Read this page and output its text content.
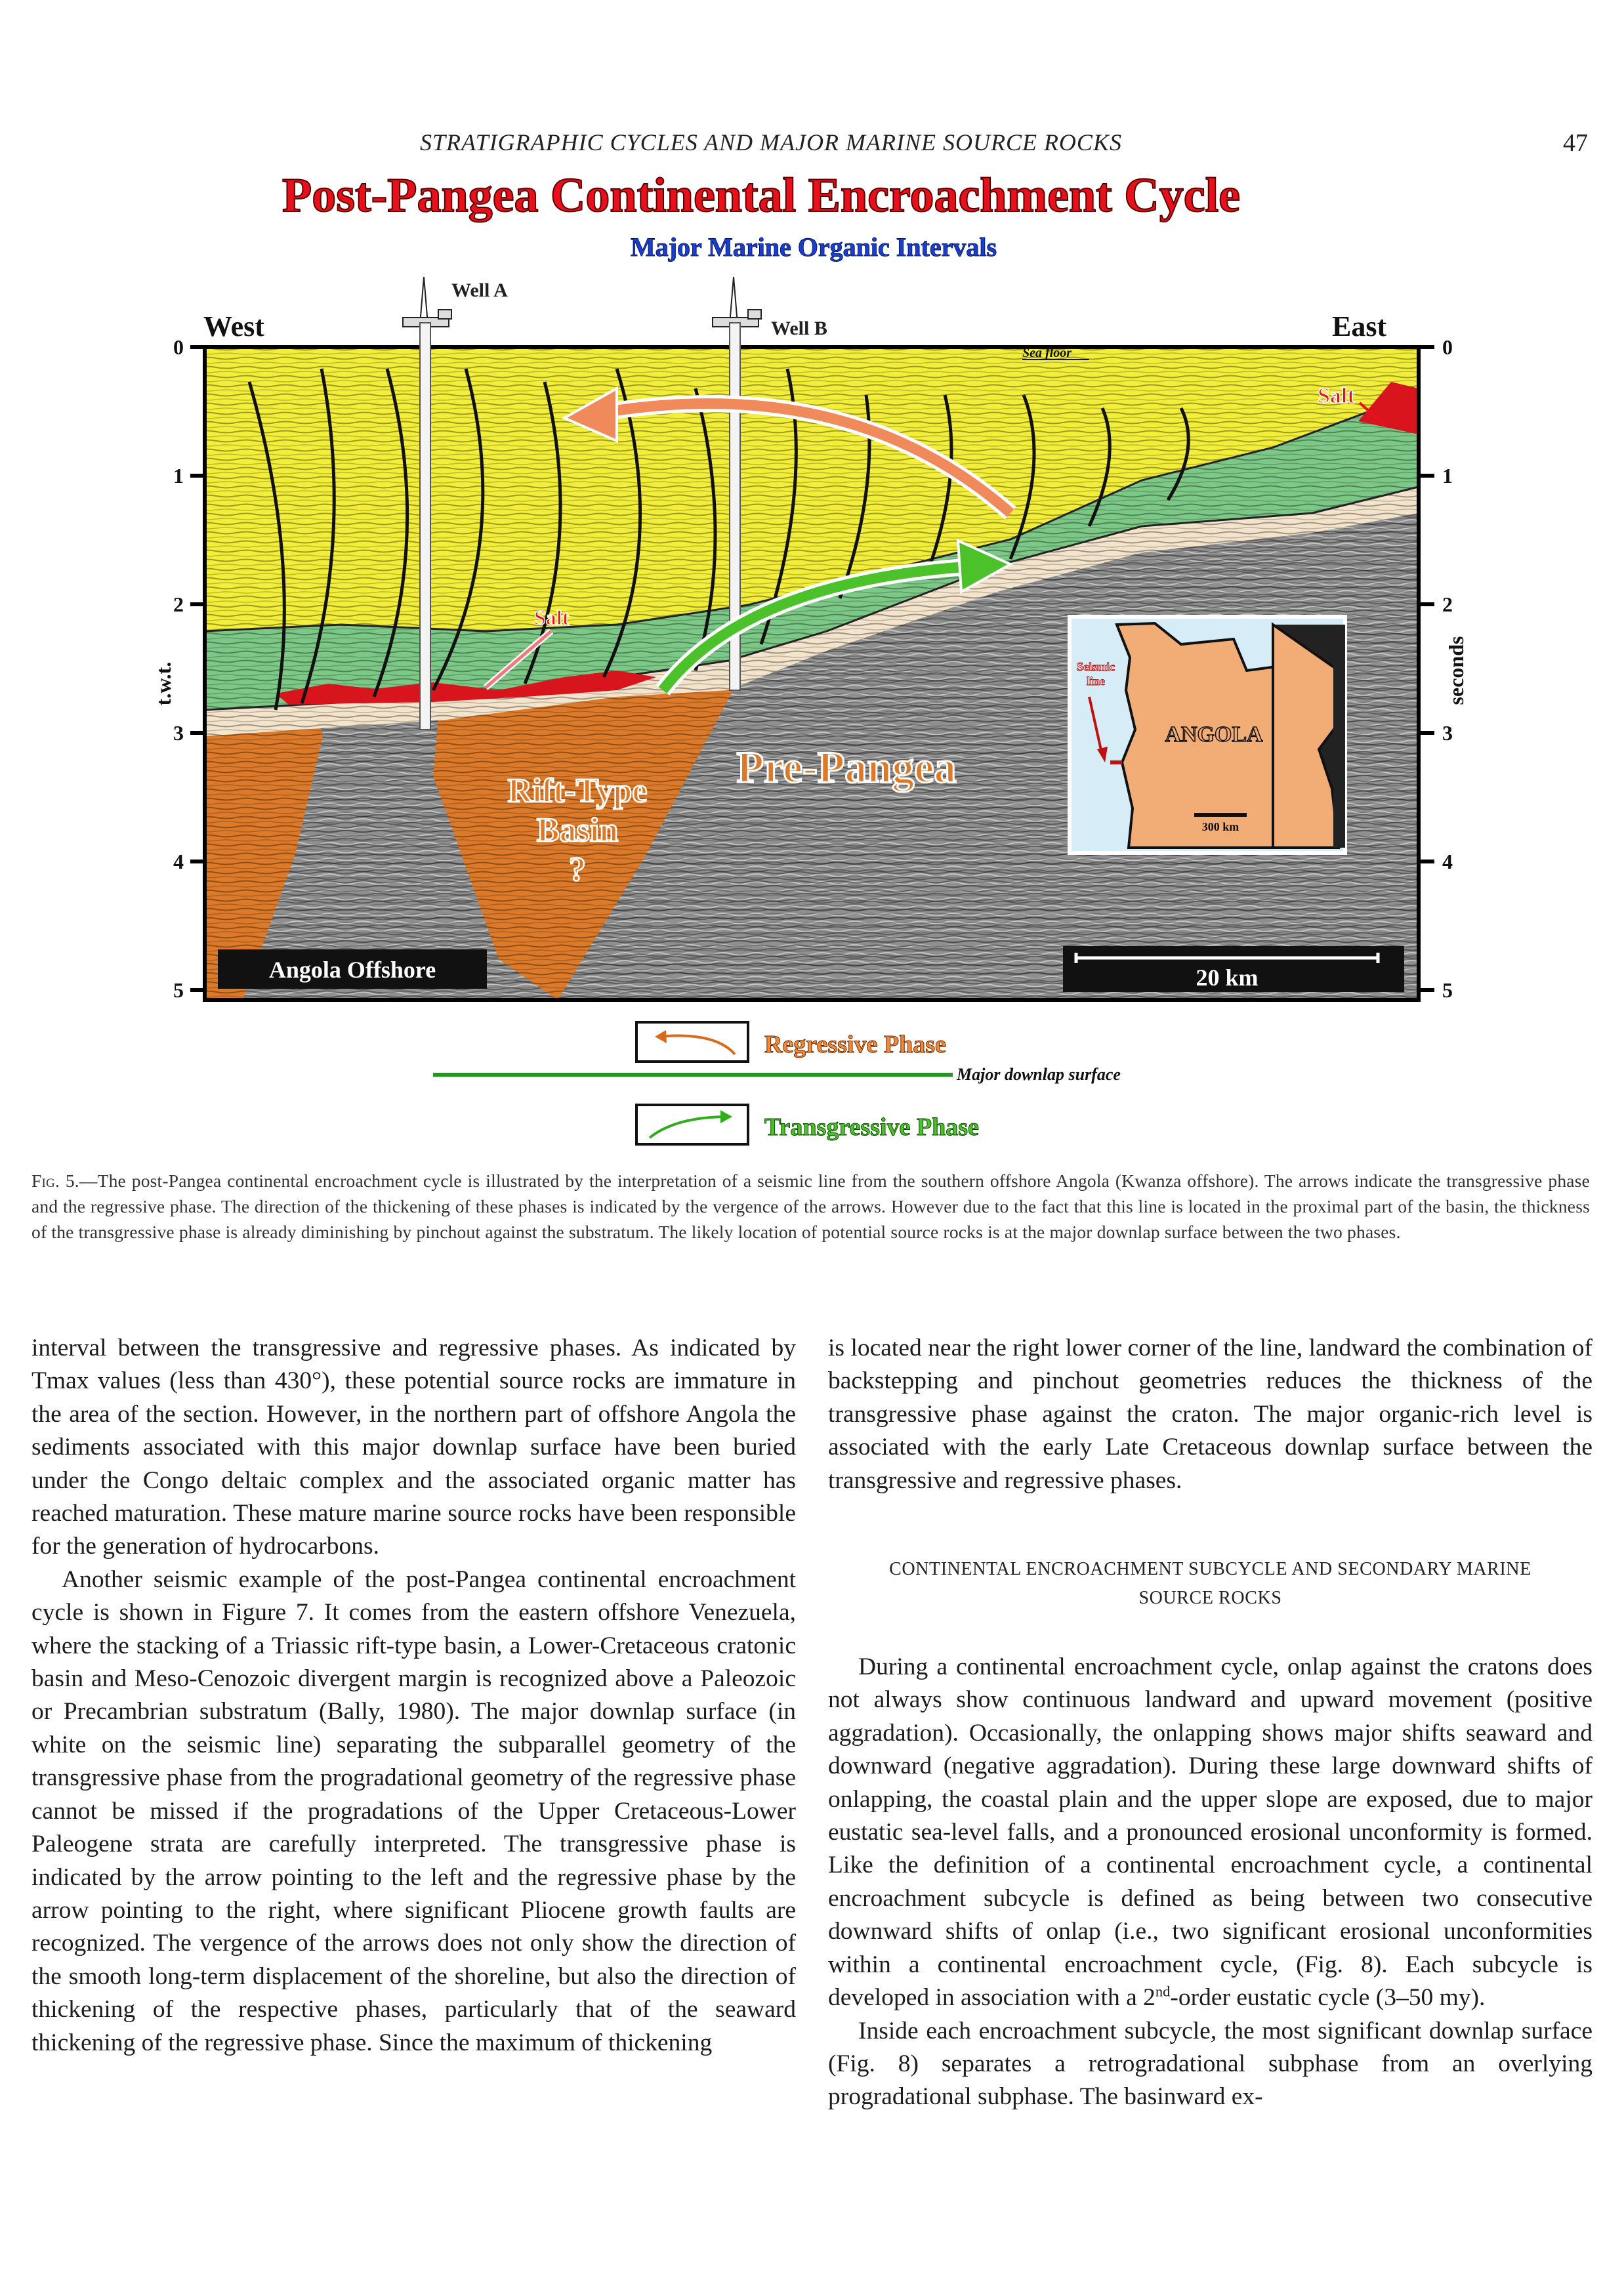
STRATIGRAPHIC CYCLES AND MAJOR MARINE SOURCE ROCKS	47
Post-Pangea Continental Encroachment Cycle
Major Marine Organic Intervals
Well A
Well B
West	East
0
1
2
3
4
5
0
1
2
3
4
5
t.w.t.	seconds
Sea floor
Salt
Salt
Rift-Type
Basin
?
Pre-Pangea
Angola Offshore	20 km
Seismic
line
ANGOLA
300 km
Regressive Phase
Major downlap surface
Transgressive Phase
Fig. 5.—The post-Pangea continental encroachment cycle is illustrated by the interpretation of a seismic line from the southern offshore Angola (Kwanza offshore). The arrows indicate the transgressive phase and the regressive phase. The direction of the thickening of these phases is indicated by the vergence of the arrows. However due to the fact that this line is located in the proximal part of the basin, the thickness of the transgressive phase is already diminishing by pinchout against the substratum. The likely location of potential source rocks is at the major downlap surface between the two phases.

interval between the transgressive and regressive phases. As indicated by Tmax values (less than 430°), these potential source rocks are immature in the area of the section. However, in the northern part of offshore Angola the sediments associated with this major downlap surface have been buried under the Congo deltaic complex and the associated organic matter has reached maturation. These mature marine source rocks have been responsible for the generation of hydrocarbons.

Another seismic example of the post-Pangea continental encroachment cycle is shown in Figure 7. It comes from the eastern offshore Venezuela, where the stacking of a Triassic rift-type basin, a Lower-Cretaceous cratonic basin and Meso-Cenozoic divergent margin is recognized above a Paleozoic or Precambrian substratum (Bally, 1980). The major downlap surface (in white on the seismic line) separating the subparallel geometry of the transgressive phase from the progradational geometry of the regressive phase cannot be missed if the progradations of the Upper Cretaceous-Lower Paleogene strata are carefully interpreted. The transgressive phase is indicated by the arrow pointing to the left and the regressive phase by the arrow pointing to the right, where significant Pliocene growth faults are recognized. The vergence of the arrows does not only show the direction of the smooth long-term displacement of the shoreline, but also the direction of thickening of the respective phases, particularly that of the seaward thickening of the regressive phase. Since the maximum of thickening

is located near the right lower corner of the line, landward the combination of backstepping and pinchout geometries reduces the thickness of the transgressive phase against the craton. The major organic-rich level is associated with the early Late Cretaceous downlap surface between the transgressive and regressive phases.

CONTINENTAL ENCROACHMENT SUBCYCLE AND SECONDARY MARINE
SOURCE ROCKS

During a continental encroachment cycle, onlap against the cratons does not always show continuous landward and upward movement (positive aggradation). Occasionally, the onlapping shows major shifts seaward and downward (negative aggradation). During these large downward shifts of onlapping, the coastal plain and the upper slope are exposed, due to major eustatic sea-level falls, and a pronounced erosional unconformity is formed. Like the definition of a continental encroachment cycle, a continental encroachment subcycle is defined as being between two consecutive downward shifts of onlap (i.e., two significant erosional unconformities within a continental encroachment cycle, (Fig. 8). Each subcycle is developed in association with a 2nd-order eustatic cycle (3–50 my).

Inside each encroachment subcycle, the most significant downlap surface (Fig. 8) separates a retrogradational subphase from an overlying progradational subphase. The basinward ex-
